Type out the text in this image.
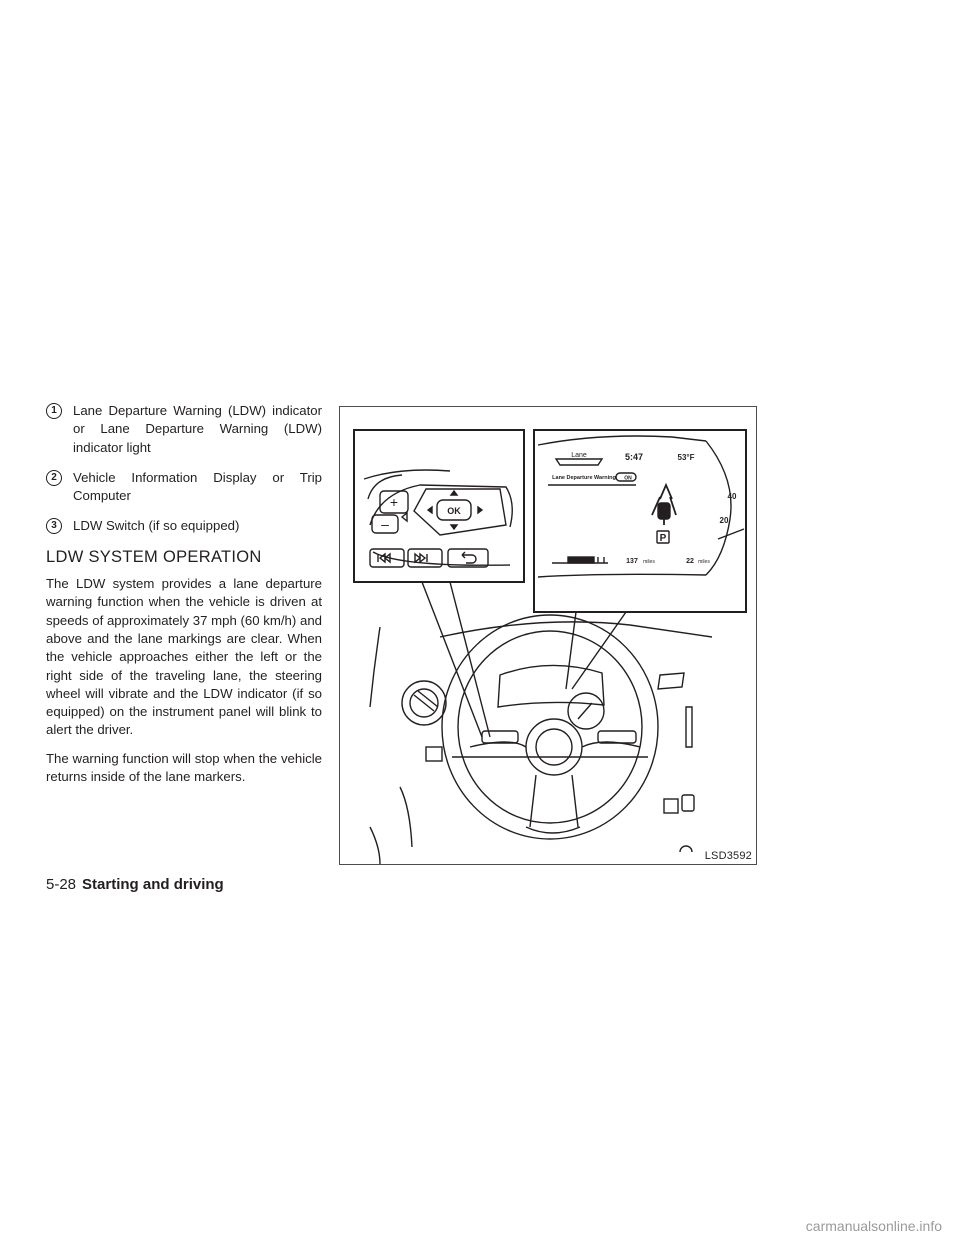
1	Lane Departure Warning (LDW) indicator or Lane Departure Warning (LDW) indicator light
2	Vehicle Information Display or Trip Computer
3	LDW Switch (if so equipped)
LDW SYSTEM OPERATION

The LDW system provides a lane departure warning function when the vehicle is driven at speeds of approximately 37 mph (60 km/h) and above and the lane markings are clear. When the vehicle approaches either the left or the right side of the traveling lane, the steering wheel will vibrate and the LDW indicator (if so equipped) on the instrument panel will blink to alert the driver.

The warning function will stop when the vehicle returns inside of the lane markers.

+
–
OK
Lane	5:47	53°F
Lane Departure Warning ON
P
137 miles	22 miles
40
20
LSD3592
5-28 Starting and driving
carmanualsonline.info
